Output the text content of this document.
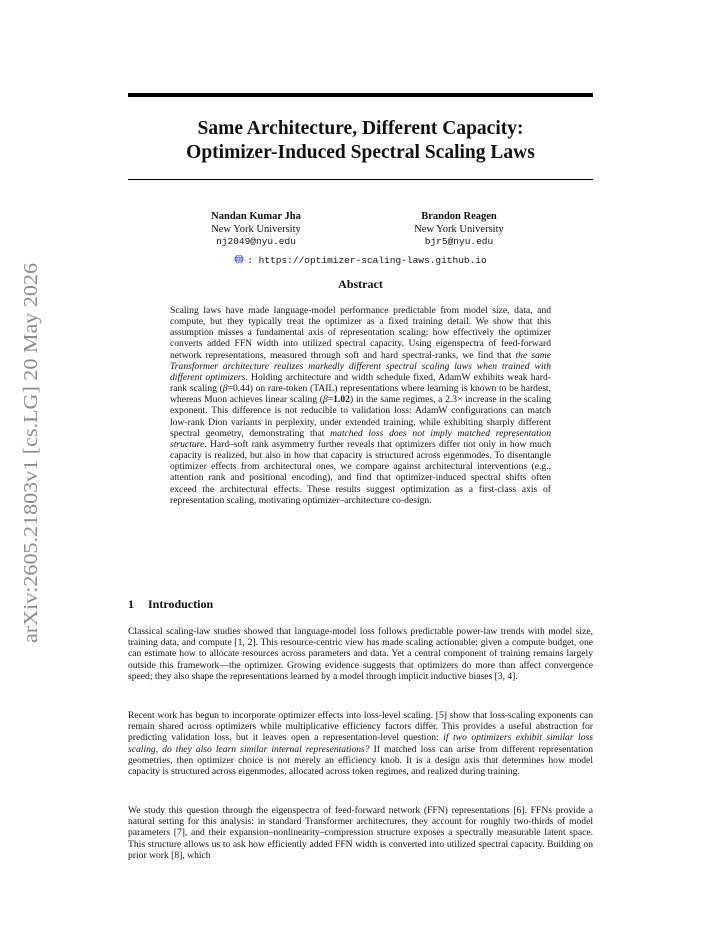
arXiv:2605.21803v1 [cs.LG] 20 May 2026
Same Architecture, Different Capacity:
Optimizer-Induced Spectral Scaling Laws
Nandan Kumar Jha
New York University
nj2049@nyu.edu
Brandon Reagen
New York University
bjr5@nyu.edu
: https://optimizer-scaling-laws.github.io
Abstract

Scaling laws have made language-model performance predictable from model size, data, and compute, but they typically treat the optimizer as a fixed training detail. We show that this assumption misses a fundamental axis of representation scaling: how effectively the optimizer converts added FFN width into utilized spectral capacity. Using eigenspectra of feed-forward network representations, measured through soft and hard spectral-ranks, we find that the same Transformer architecture realizes markedly different spectral scaling laws when trained with different optimizers. Holding architecture and width schedule fixed, AdamW exhibits weak hard-rank scaling (β=0.44) on rare-token (TAIL) representations where learning is known to be hardest, whereas Muon achieves linear scaling (β=1.02) in the same regimes, a 2.3× increase in the scaling exponent. This difference is not reducible to validation loss: AdamW configurations can match low-rank Dion variants in perplexity, under extended training, while exhibiting sharply different spectral geometry, demonstrating that matched loss does not imply matched representation structure. Hard–soft rank asymmetry further reveals that optimizers differ not only in how much capacity is realized, but also in how that capacity is structured across eigenmodes. To disentangle optimizer effects from architectural ones, we compare against architectural interventions (e.g., attention rank and positional encoding), and find that optimizer-induced spectral shifts often exceed the architectural effects. These results suggest optimization as a first-class axis of representation scaling, motivating optimizer–architecture co-design.

1 Introduction

Classical scaling-law studies showed that language-model loss follows predictable power-law trends with model size, training data, and compute [1, 2]. This resource-centric view has made scaling actionable: given a compute budget, one can estimate how to allocate resources across parameters and data. Yet a central component of training remains largely outside this framework—the optimizer. Growing evidence suggests that optimizers do more than affect convergence speed; they also shape the representations learned by a model through implicit inductive biases [3, 4].

Recent work has begun to incorporate optimizer effects into loss-level scaling. [5] show that loss-scaling exponents can remain shared across optimizers while multiplicative efficiency factors differ. This provides a useful abstraction for predicting validation loss, but it leaves open a representation-level question: if two optimizers exhibit similar loss scaling, do they also learn similar internal representations? If matched loss can arise from different representation geometries, then optimizer choice is not merely an efficiency knob. It is a design axis that determines how model capacity is structured across eigenmodes, allocated across token regimes, and realized during training.

We study this question through the eigenspectra of feed-forward network (FFN) representations [6]. FFNs provide a natural setting for this analysis: in standard Transformer architectures, they account for roughly two-thirds of model parameters [7], and their expansion–nonlinearity–compression structure exposes a spectrally measurable latent space. This structure allows us to ask how efficiently added FFN width is converted into utilized spectral capacity. Building on prior work [8], which
